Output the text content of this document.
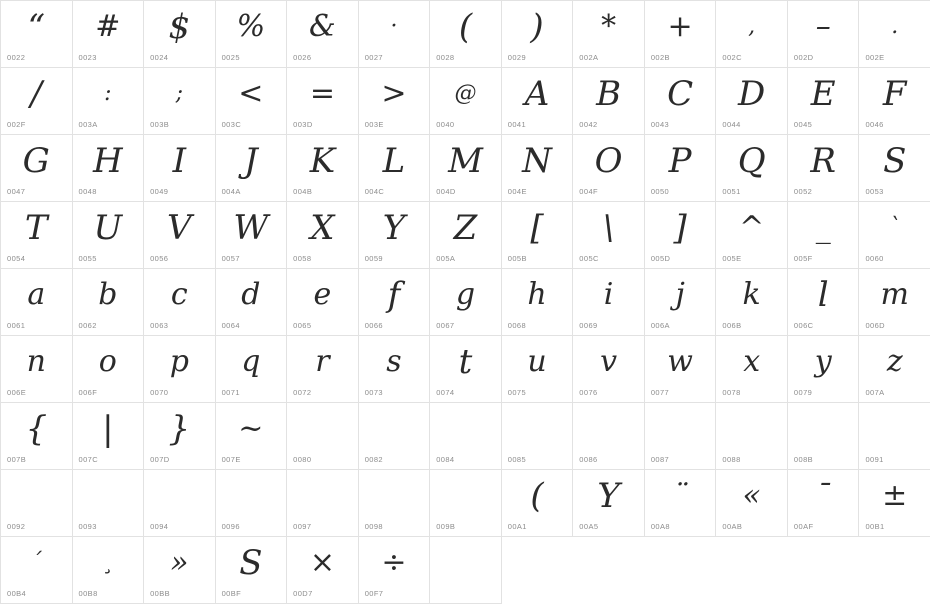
“
0022
#
0023
$
0024
%
0025
&
0026
·
0027
(
0028
)
0029
*
002A
+
002B
,
002C
–
002D
.
002E
/
002F
:
003A
;
003B
<
003C
=
003D
>
003E
@
0040
A
0041
B
0042
C
0043
D
0044
E
0045
F
0046
G
0047
H
0048
I
0049
J
004A
K
004B
L
004C
M
004D
N
004E
O
004F
P
0050
Q
0051
R
0052
S
0053
T
0054
U
0055
V
0056
W
0057
X
0058
Y
0059
Z
005A
[
005B
\
005C
]
005D
^
005E
_
005F
`
0060
a
0061
b
0062
c
0063
d
0064
e
0065
f
0066
g
0067
h
0068
i
0069
j
006A
k
006B
l
006C
m
006D
n
006E
o
006F
p
0070
q
0071
r
0072
s
0073
t
0074
u
0075
v
0076
w
0077
x
0078
y
0079
z
007A
{
007B
|
007C
}
007D
~
007E	0080	0082	0084	0085	0086	0087	0088	008B	0091
0092	0093	0094	0096	0097	0098	009B
(
00A1
Y
00A5
¨
00A8
«
00AB
¯
00AF
±
00B1
´
00B4
¸
00B8
»
00BB
S
00BF
×
00D7
÷
00F7
